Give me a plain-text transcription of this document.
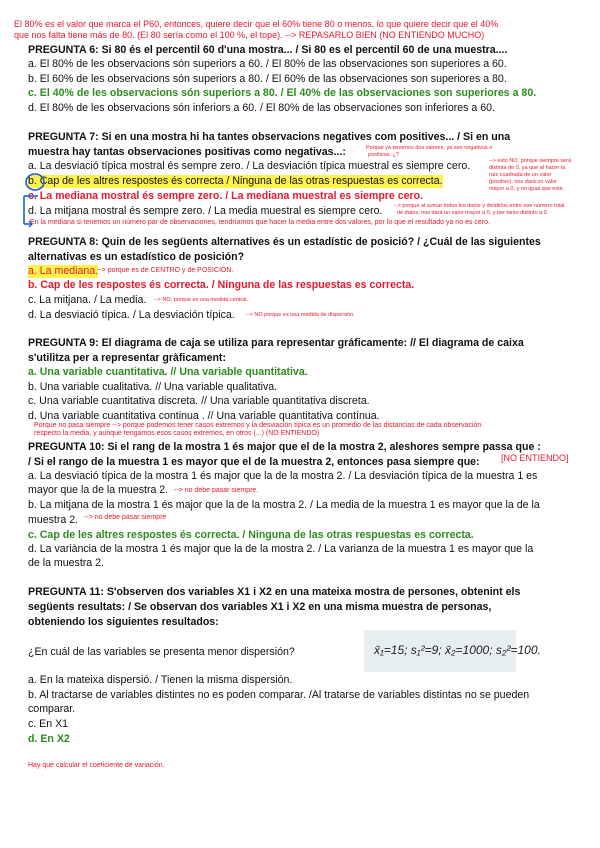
El 80% es el valor que marca el P60, entonces, quiere decir que el 60% tiene 80 o menos, lo que quiere decir que el 40%
que nos falta tiene más de 80. (El 80 sería como el 100 %, el tope). --> REPASARLO BIEN (NO ENTIENDO MUCHO)
PREGUNTA 6: Si 80 és el percentil 60 d'una mostra... / Si 80 es el percentil 60 de una muestra....
a. El 80% de les observacions són superiors a 60. / El 80% de las observaciones son superiores a 60.
b. El 60% de les observacions són superiors a 80. / El 60% de las observaciones son superiores a 80.
c. El 40% de les observacions són superiors a 80. / El 40% de las observaciones son superiores a 80.
d. El 80% de les observacions són inferiors a 60. / El 80% de las observaciones son inferiores a 60.
PREGUNTA 7: Si en una mostra hi ha tantes observacions negatives com positives... / Si en una
muestra hay tantas observaciones positivas como negativas...:	Porque ya tenemos dos valores, ya sen negativos o
positivos. ¿?
a. La desviació típica mostral és sempre zero. / La desviación típica muestral es siempre cero.
b. Cap de les altres respostes és correcta / Ninguna de las otras respuestas es correcta.
c. La mediana mostral és sempre zero. / La mediana muestral es siempre cero.
d. La mitjana mostral és sempre zero. / La media muestral es siempre cero.
--> esto NO, porque siempre será
distinta de 0, ya que al hacer la
raíz cuadrada de un valor
(positivo), nos dará un valor
mayor a 0, y no igual que este.
--> porque al sumar todos los datos y dividirlos entre ese número total
de datos, nos dará un valor mayor a 0, y per tanto distinto a 0.
En la mediana si tenemos un número par de observaciones, tendríamos que hacer la media entre dos valores, por lo que el resultado ya no es cero.
PREGUNTA 8: Quin de les següents alternatives és un estadístic de posició? / ¿Cuál de las siguientes
alternativas es un estadístico de posición?
a. La mediana.
--> porque es de CENTRO y de POSICIÓN.
b. Cap de les respostes és correcta. / Ninguna de las respuestas es correcta.
c. La mitjana. / La media. --> NO, porque es una medida central.
d. La desviació típica. / La desviación típica. --> NO porque es una medida de dispersión.
PREGUNTA 9: El diagrama de caja se utiliza para representar gráficamente: // El diagrama de caixa
s'utilitza per a representar gràficament:
a. Una variable cuantitativa. // Una variable quantitativa.
b. Una variable cualitativa. // Una variable qualitativa.
c. Una variable cuantitativa discreta. // Una variable quantitativa discreta.
d. Una variable cuantitativa continua . // Una variable quantitativa contínua.
Porque no pasa siempre --> porque podemos tener casos extremos y la desviación típica es un promedio de las distancias de cada observación
respecto la media, y aunque tengamos esos casos extremos, en otros (...) (NO ENTIENDO)
PREGUNTA 10: Si el rang de la mostra 1 és major que el de la mostra 2, aleshores sempre passa que :
/ Si el rango de la muestra 1 es mayor que el de la muestra 2, entonces pasa siempre que: [NO ENTIENDO]
a. La desviació típica de la mostra 1 és major que la de la mostra 2. / La desviación típica de la muestra 1 es
mayor que la de la muestra 2. --> no debe pasar siempre.
b. La mitjana de la mostra 1 és major que la de la mostra 2. / La media de la muestra 1 es mayor que la de la
muestra 2. --> no debe pasar siempre
c. Cap de les altres respostes és correcta. / Ninguna de las otras respuestas es correcta.
d. La variància de la mostra 1 és major que la de la mostra 2. / La varianza de la muestra 1 es mayor que la
de la muestra 2.
PREGUNTA 11: S'observen dos variables X1 i X2 en una mateixa mostra de persones, obtenint els
següents resultats: / Se observan dos variables X1 i X2 en una misma muestra de personas,
obteniendo los siguientes resultados:
¿En cuál de las variables se presenta menor dispersión?	x̄₁=15; s₁²=9; x̄₂=1000; s₂²=100.
a. En la mateixa dispersió. / Tienen la misma dispersión.
b. Al tractarse de variables distintes no es poden comparar. /Al tratarse de variables distintas no se pueden
comparar.
c. En X1
d. En X2
Hay que calcular el coeficiente de variación.
